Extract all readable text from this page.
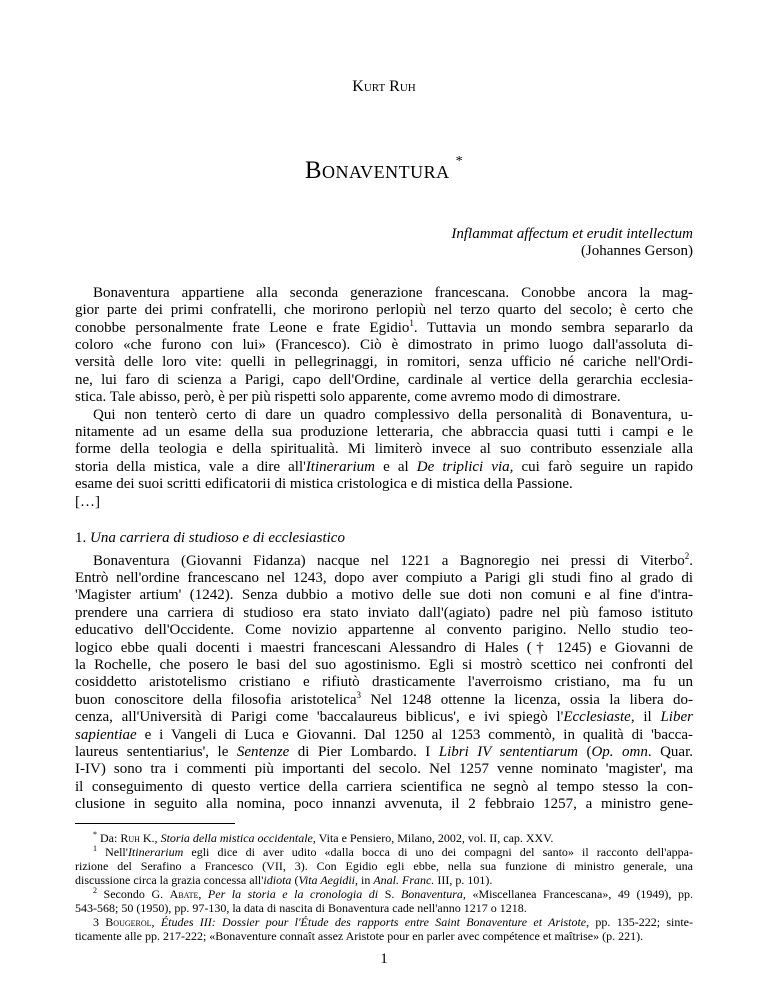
Kurt Ruh
Bonaventura *
Inflammat affectum et erudit intellectum
(Johannes Gerson)
Bonaventura appartiene alla seconda generazione francescana. Conobbe ancora la mag-
gior parte dei primi confratelli, che morirono perlopiù nel terzo quarto del secolo; è certo che
conobbe personalmente frate Leone e frate Egidio$^1$. Tuttavia un mondo sembra separarlo da
coloro «che furono con lui» (Francesco). Ciò è dimostrato in primo luogo dall'assoluta di-
versità delle loro vite: quelli in pellegrinaggi, in romitori, senza ufficio né cariche nell'Ordi-
ne, lui faro di scienza a Parigi, capo dell'Ordine, cardinale al vertice della gerarchia ecclesia-
stica. Tale abisso, però, è per più rispetti solo apparente, come avremo modo di dimostrare.
Qui non tenterò certo di dare un quadro complessivo della personalità di Bonaventura, u-
nitamente ad un esame della sua produzione letteraria, che abbraccia quasi tutti i campi e le
forme della teologia e della spiritualità. Mi limiterò invece al suo contributo essenziale alla
storia della mistica, vale a dire all'Itinerarium e al De triplici via, cui farò seguire un rapido
esame dei suoi scritti edificatorii di mistica cristologica e di mistica della Passione.
[…]
1. Una carriera di studioso e di ecclesiastico
Bonaventura (Giovanni Fidanza) nacque nel 1221 a Bagnoregio nei pressi di Viterbo$^2$.
Entrò nell'ordine francescano nel 1243, dopo aver compiuto a Parigi gli studi fino al grado di
'Magister artium' (1242). Senza dubbio a motivo delle sue doti non comuni e al fine d'intra-
prendere una carriera di studioso era stato inviato dall'(agiato) padre nel più famoso istituto
educativo dell'Occidente. Come novizio appartenne al convento parigino. Nello studio teo-
logico ebbe quali docenti i maestri francescani Alessandro di Hales († 1245) e Giovanni de
la Rochelle, che posero le basi del suo agostinismo. Egli si mostrò scettico nei confronti del
cosiddetto aristotelismo cristiano e rifiutò drasticamente l'averroismo cristiano, ma fu un
buon conoscitore della filosofia aristotelica$^3$ Nel 1248 ottenne la licenza, ossia la libera do-
cenza, all'Università di Parigi come 'baccalaureus biblicus', e ivi spiegò l'Ecclesiaste, il Liber
sapientiae e i Vangeli di Luca e Giovanni. Dal 1250 al 1253 commentò, in qualità di 'bacca-
laureus sententiarius', le Sentenze di Pier Lombardo. I Libri IV sententiarum (Op. omn. Quar.
I-IV) sono tra i commenti più importanti del secolo. Nel 1257 venne nominato 'magister', ma
il conseguimento di questo vertice della carriera scientifica ne segnò al tempo stesso la con-
clusione in seguito alla nomina, poco innanzi avvenuta, il 2 febbraio 1257, a ministro gene-
* Da: Ruh K., Storia della mistica occidentale, Vita e Pensiero, Milano, 2002, vol. II, cap. XXV.
$^1$ Nell'Itinerarium egli dice di aver udito «dalla bocca di uno dei compagni del santo» il racconto dell'appa-
rizione del Serafino a Francesco (VII, 3). Con Egidio egli ebbe, nella sua funzione di ministro generale, una
discussione circa la grazia concessa all'idiota (Vita Aegidii, in Anal. Franc. III, p. 101).
$^2$ Secondo G. Abate, Per la storia e la cronologia di S. Bonaventura, «Miscellanea Francescana», 49 (1949), pp.
543-568; 50 (1950), pp. 97-130, la data di nascita di Bonaventura cade nell'anno 1217 o 1218.
3 Bougerol, Études III: Dossier pour l'Étude des rapports entre Saint Bonaventure et Aristote, pp. 135-222; sinte-
ticamente alle pp. 217-222; «Bonaventure connaît assez Aristote pour en parler avec compétence et maîtrise» (p. 221).
1
